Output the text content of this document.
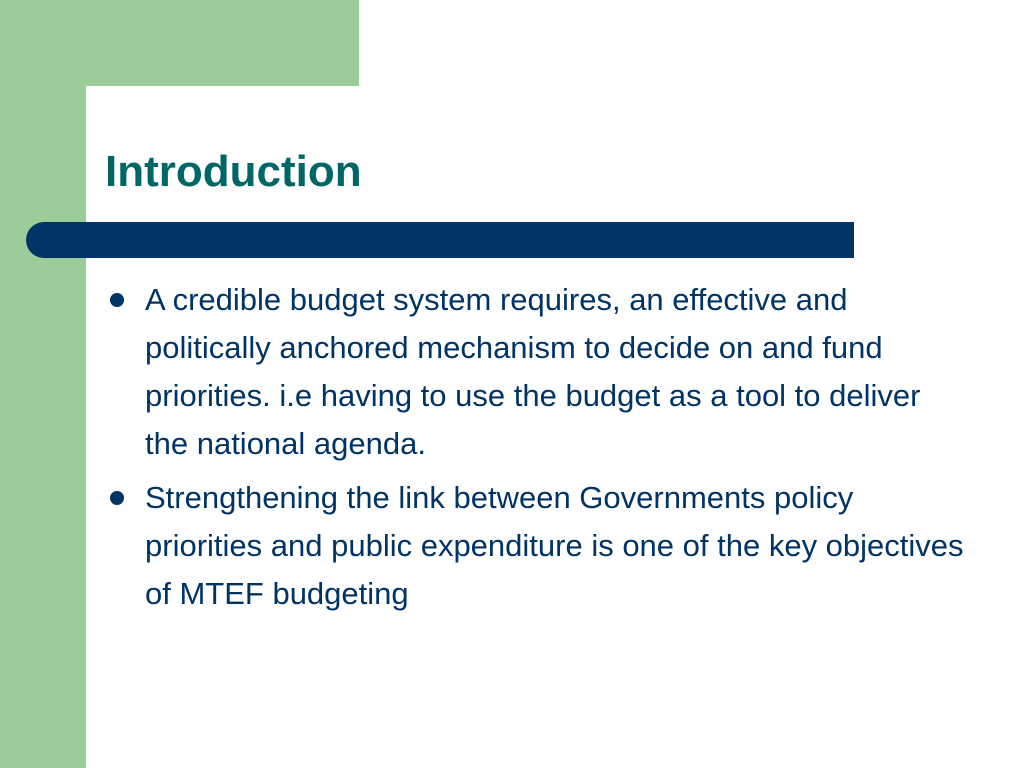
Introduction
A credible budget system requires, an effective and politically anchored mechanism to decide on and fund priorities. i.e having to use the budget as a tool to deliver the national agenda.
Strengthening the link between Governments policy priorities and public expenditure is one of the key objectives of MTEF budgeting
